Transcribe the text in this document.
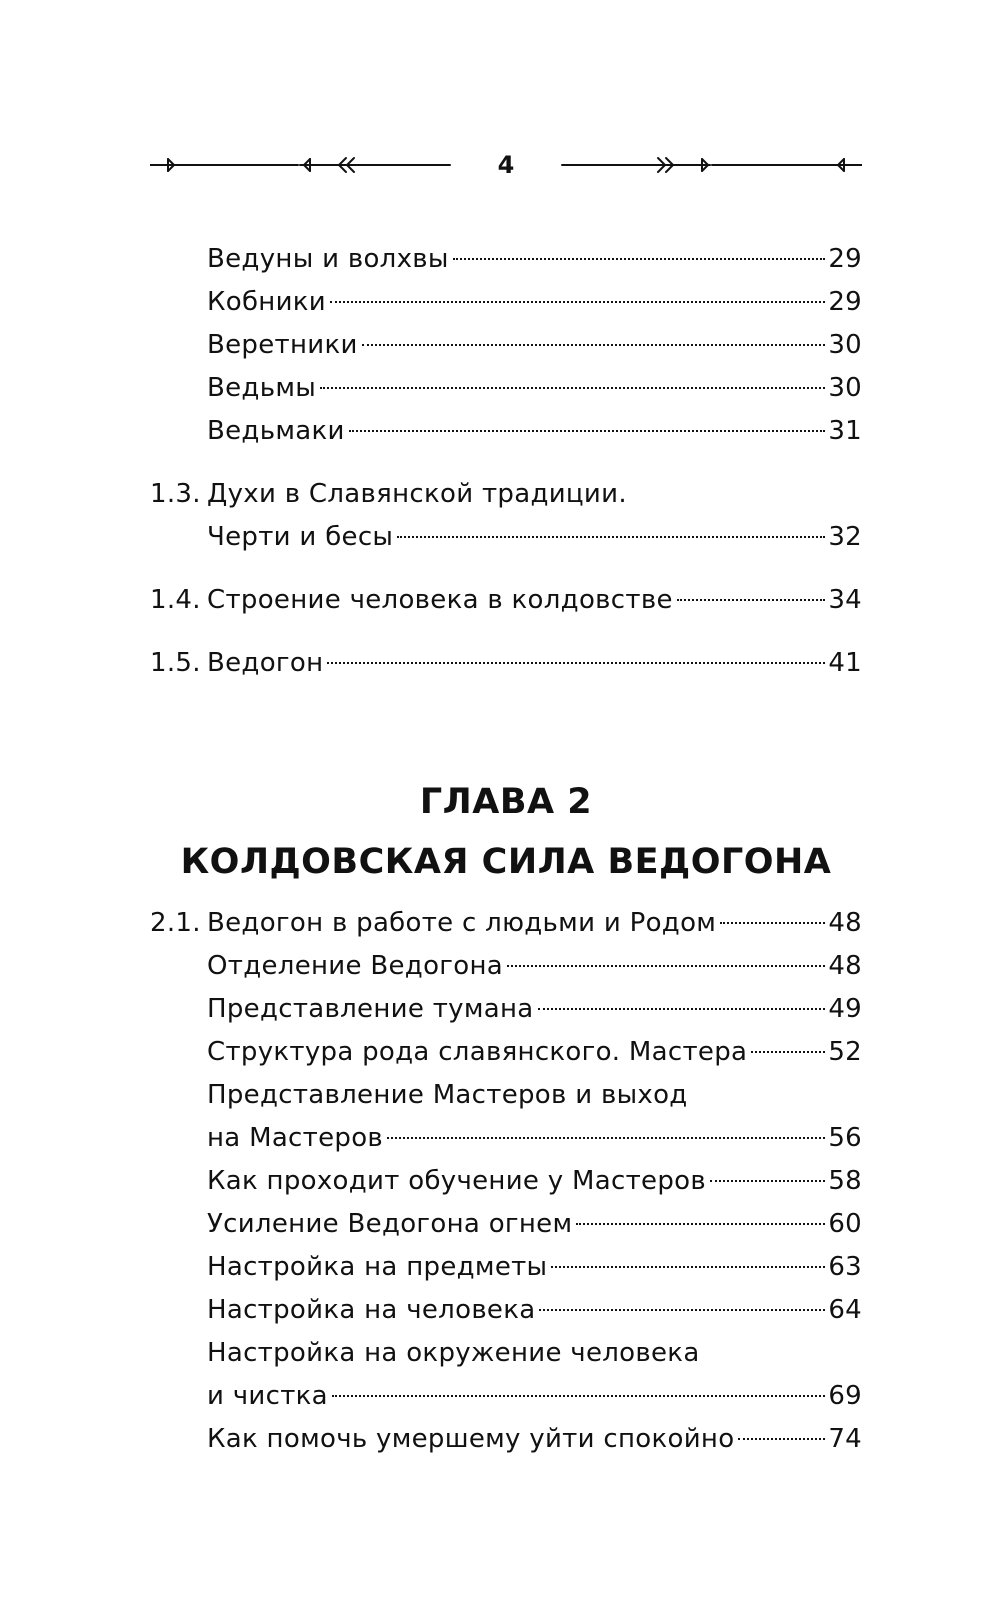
4
Ведуны и волхвы	29
Кобники	29
Веретники	30
Ведьмы	30
Ведьмаки	31
1.3. Духи в Славянской традиции.
Черти и бесы	32
1.4. Строение человека в колдовстве	34
1.5. Ведогон	41
ГЛАВА 2
КОЛДОВСКАЯ СИЛА ВЕДОГОНА
2.1. Ведогон в работе с людьми и Родом	48
Отделение Ведогона	48
Представление тумана	49
Структура рода славянского. Мастера	52
Представление Мастеров и выход
на Мастеров	56
Как проходит обучение у Мастеров	58
Усиление Ведогона огнем	60
Настройка на предметы	63
Настройка на человека	64
Настройка на окружение человека
и чистка	69
Как помочь умершему уйти спокойно	74
